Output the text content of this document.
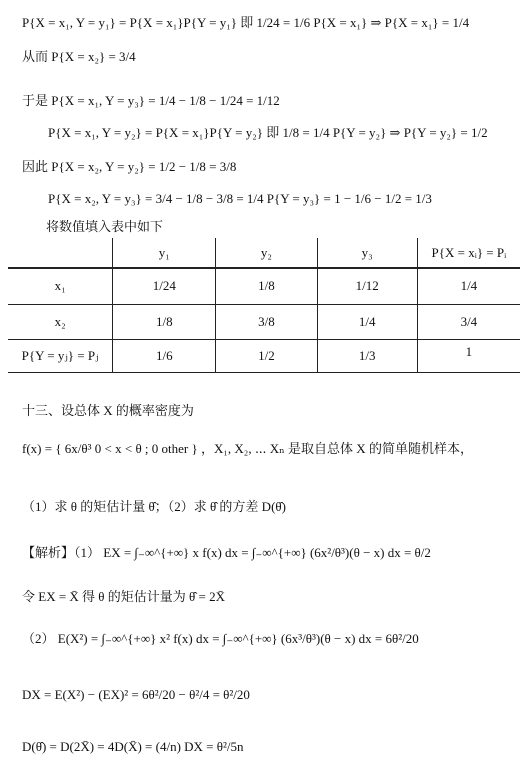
P{X = x₁, Y = y₁} = P{X = x₁}P{Y = y₁} 即 1/24 = 1/6 P{X = x₁} ⇒ P{X = x₁} = 1/4
从而 P{X = x₂} = 3/4
于是 P{X = x₁, Y = y₃} = 1/4 − 1/8 − 1/24 = 1/12
P{X = x₁, Y = y₂} = P{X = x₁}P{Y = y₂} 即 1/8 = 1/4 P{Y = y₂} ⇒ P{Y = y₂} = 1/2
因此 P{X = x₂, Y = y₂} = 1/2 − 1/8 = 3/8
P{X = x₂, Y = y₃} = 3/4 − 1/8 − 3/8 = 1/4 P{Y = y₃} = 1 − 1/6 − 1/2 = 1/3
将数值填入表中如下
	y₁	y₂	y₃	P{X = xᵢ} = Pᵢ
x₁	1/24	1/8	1/12	1/4
x₂	1/8	3/8	1/4	3/4
P{Y = yⱼ} = Pⱼ	1/6	1/2	1/3	1
十三、设总体 X 的概率密度为
f(x) = { 6x/θ³ 0 < x < θ ; 0 other } ，X₁, X₂, ⋯ Xₙ 是取自总体 X 的简单随机样本，
（1）求 θ 的矩估计量 θ̂；（2）求 θ̂ 的方差 D(θ̂)
【解析】（1） EX = ∫₋∞^{+∞} x f(x) dx = ∫₋∞^{+∞} (6x²/θ³)(θ − x) dx = θ/2
令 EX = X̄ 得 θ 的矩估计量为 θ̂ = 2X̄
（2） E(X²) = ∫₋∞^{+∞} x² f(x) dx = ∫₋∞^{+∞} (6x³/θ³)(θ − x) dx = 6θ²/20
DX = E(X²) − (EX)² = 6θ²/20 − θ²/4 = θ²/20
D(θ̂) = D(2X̄) = 4D(X̄) = (4/n) DX = θ²/5n
